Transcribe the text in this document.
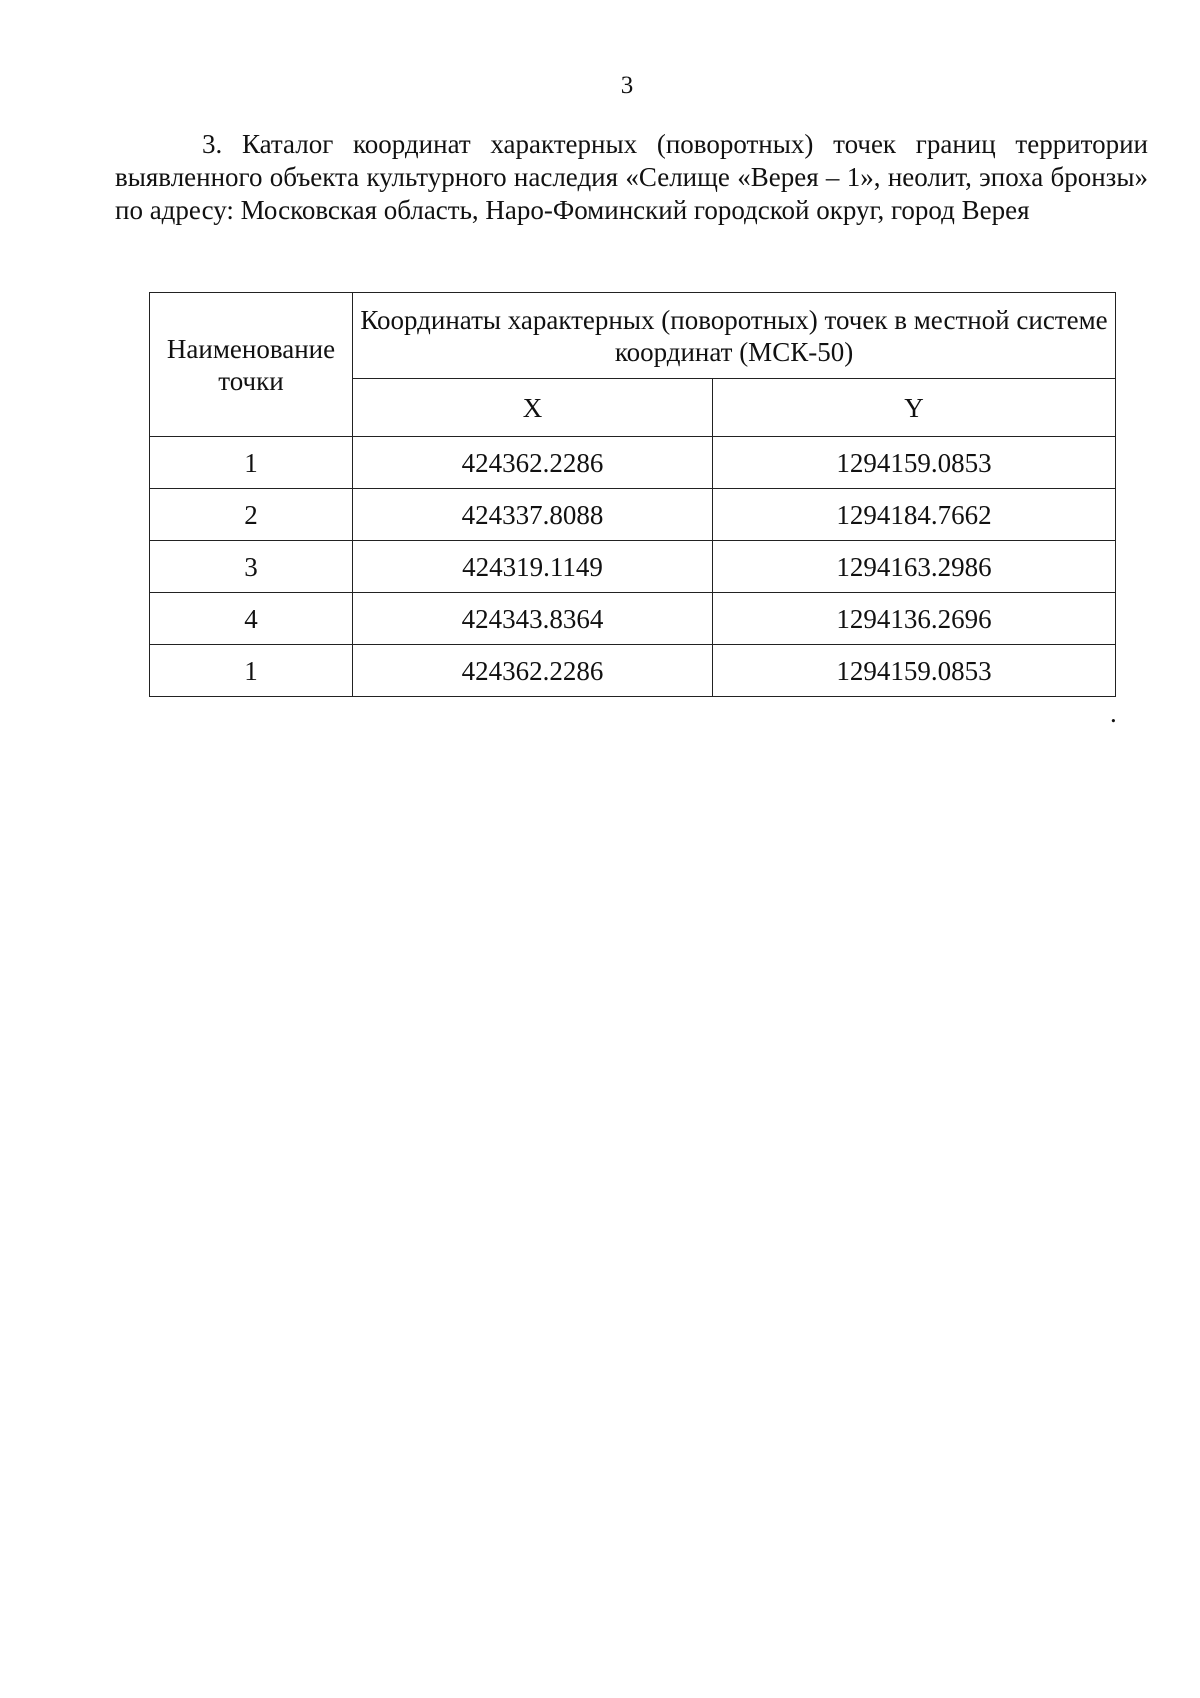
3

3. Каталог координат характерных (поворотных) точек границ территории выявленного объекта культурного наследия «Селище «Верея – 1», неолит, эпоха бронзы» по адресу: Московская область, Наро-Фоминский городской округ, город Верея

Наименование точки	Координаты характерных (поворотных) точек в местной системе координат (МСК-50)	
	X	Y
1	424362.2286	1294159.0853
2	424337.8088	1294184.7662
3	424319.1149	1294163.2986
4	424343.8364	1294136.2696
1	424362.2286	1294159.0853
.
